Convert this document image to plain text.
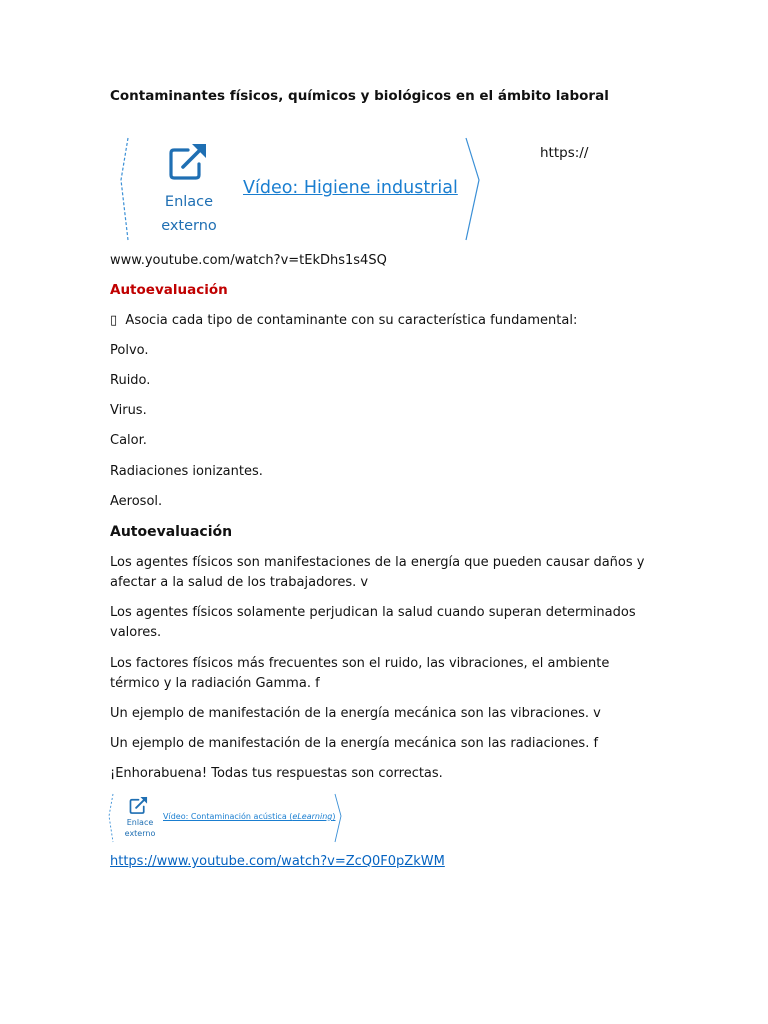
Contaminantes físicos, químicos y biológicos en el ámbito laboral

Enlace
externo
Vídeo: Higiene industrial
https://

www.youtube.com/watch?v=tEkDhs1s4SQ

Autoevaluación

▯ Asocia cada tipo de contaminante con su característica fundamental:

Polvo.

Ruido.

Virus.

Calor.

Radiaciones ionizantes.

Aerosol.

Autoevaluación

Los agentes físicos son manifestaciones de la energía que pueden causar daños y afectar a la salud de los trabajadores. v

Los agentes físicos solamente perjudican la salud cuando superan determinados valores.

Los factores físicos más frecuentes son el ruido, las vibraciones, el ambiente térmico y la radiación Gamma. f

Un ejemplo de manifestación de la energía mecánica son las vibraciones. v

Un ejemplo de manifestación de la energía mecánica son las radiaciones. f

¡Enhorabuena! Todas tus respuestas son correctas.

Enlace
externo
Vídeo: Contaminación acústica (eLearning)

https://www.youtube.com/watch?v=ZcQ0F0pZkWM
